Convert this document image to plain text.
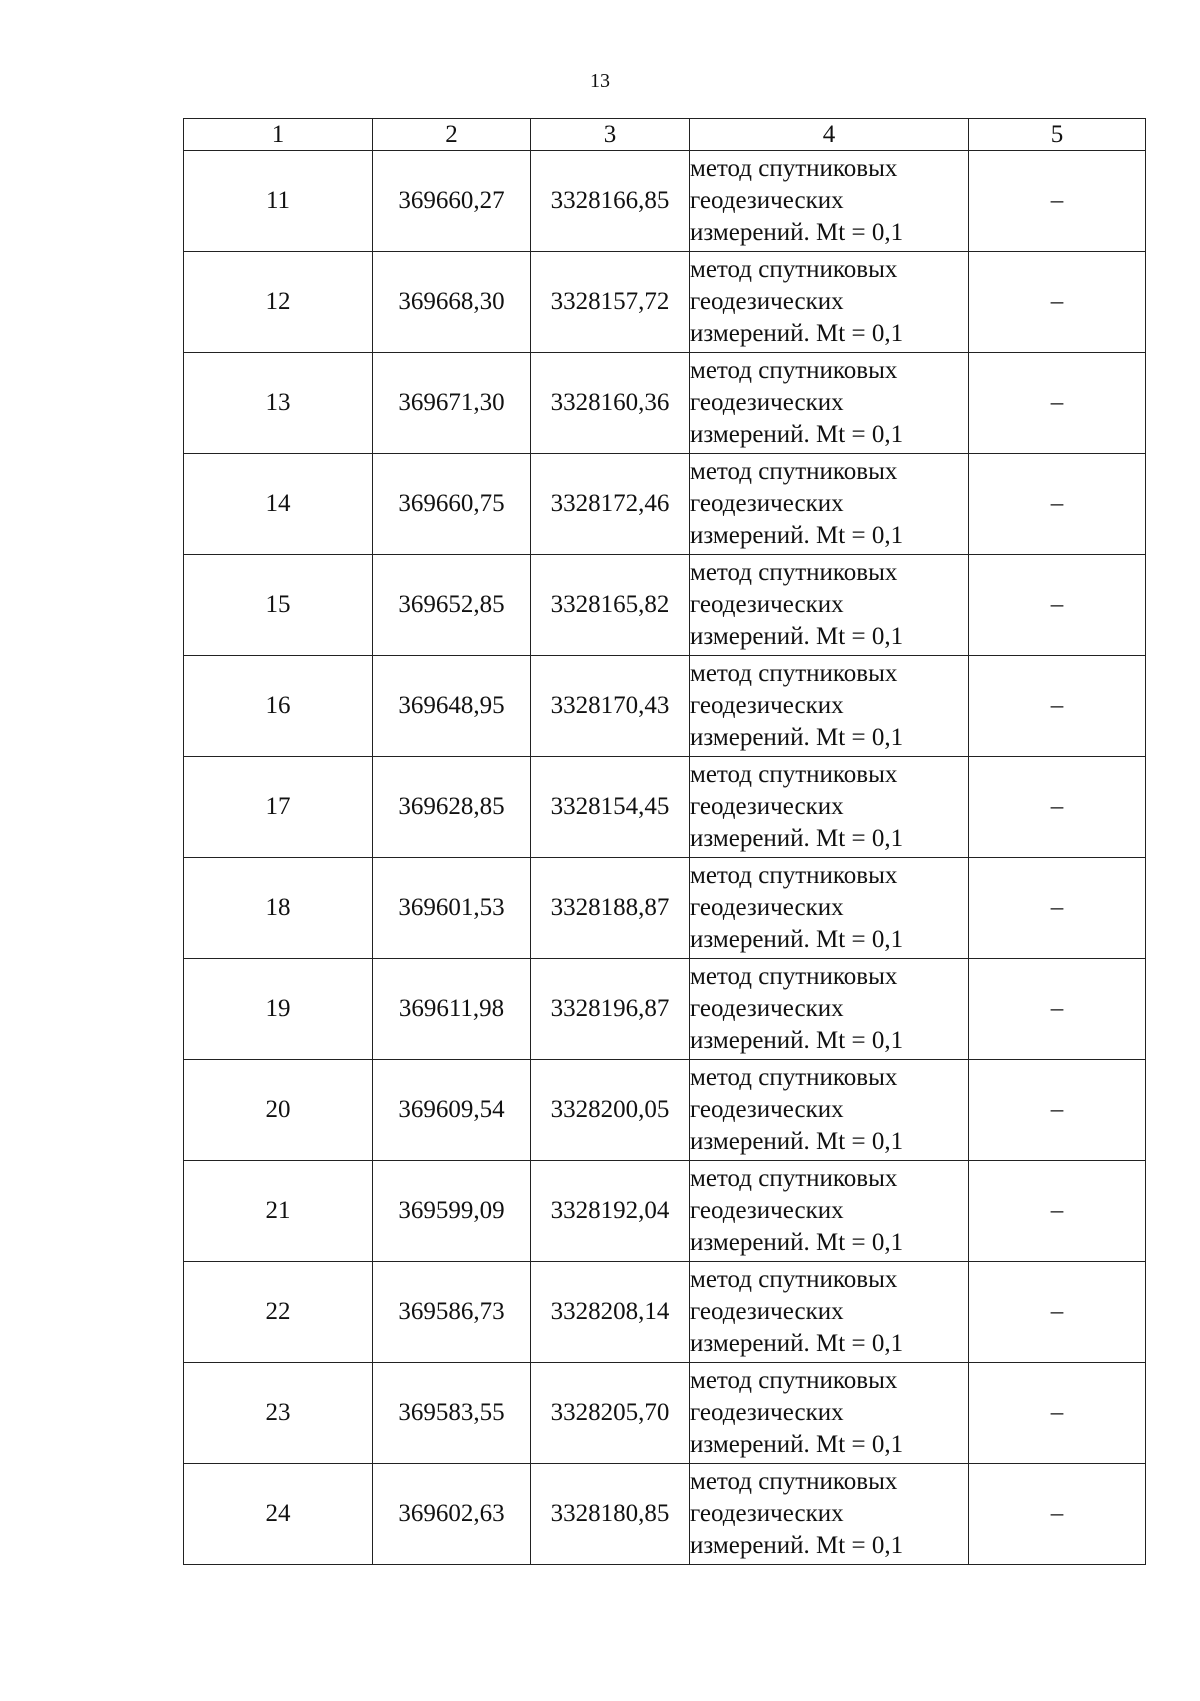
13
1	2	3	4	5
11	369660,27	3328166,85	метод спутниковых
геодезических
измерений. Mt = 0,1	–
12	369668,30	3328157,72	метод спутниковых
геодезических
измерений. Mt = 0,1	–
13	369671,30	3328160,36	метод спутниковых
геодезических
измерений. Mt = 0,1	–
14	369660,75	3328172,46	метод спутниковых
геодезических
измерений. Mt = 0,1	–
15	369652,85	3328165,82	метод спутниковых
геодезических
измерений. Mt = 0,1	–
16	369648,95	3328170,43	метод спутниковых
геодезических
измерений. Mt = 0,1	–
17	369628,85	3328154,45	метод спутниковых
геодезических
измерений. Mt = 0,1	–
18	369601,53	3328188,87	метод спутниковых
геодезических
измерений. Mt = 0,1	–
19	369611,98	3328196,87	метод спутниковых
геодезических
измерений. Mt = 0,1	–
20	369609,54	3328200,05	метод спутниковых
геодезических
измерений. Mt = 0,1	–
21	369599,09	3328192,04	метод спутниковых
геодезических
измерений. Mt = 0,1	–
22	369586,73	3328208,14	метод спутниковых
геодезических
измерений. Mt = 0,1	–
23	369583,55	3328205,70	метод спутниковых
геодезических
измерений. Mt = 0,1	–
24	369602,63	3328180,85	метод спутниковых
геодезических
измерений. Mt = 0,1	–
